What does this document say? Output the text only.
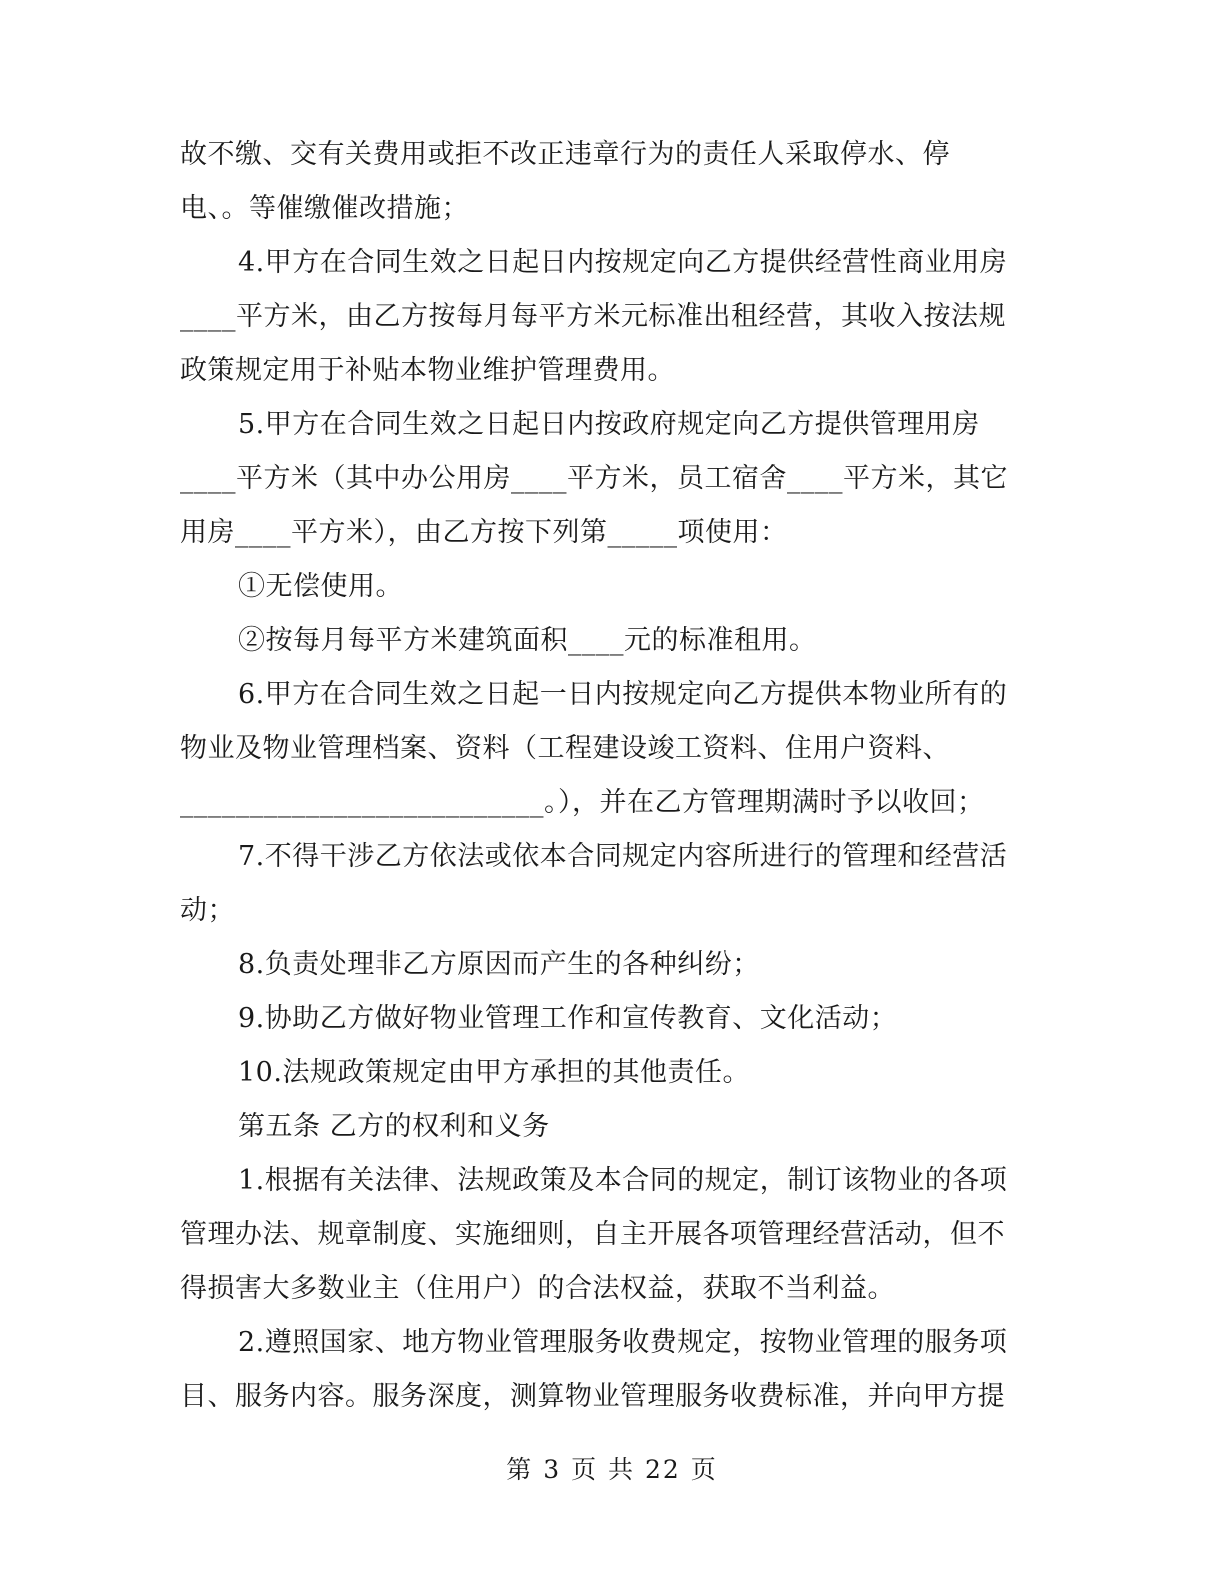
故不缴、交有关费用或拒不改正违章行为的责任人采取停水、停
电、。等催缴催改措施；
4.甲方在合同生效之日起日内按规定向乙方提供经营性商业用房
____平方米，由乙方按每月每平方米元标准出租经营，其收入按法规
政策规定用于补贴本物业维护管理费用。
5.甲方在合同生效之日起日内按政府规定向乙方提供管理用房
____平方米（其中办公用房____平方米，员工宿舍____平方米，其它
用房____平方米），由乙方按下列第_____项使用：
①无偿使用。
②按每月每平方米建筑面积____元的标准租用。
6.甲方在合同生效之日起一日内按规定向乙方提供本物业所有的
物业及物业管理档案、资料（工程建设竣工资料、住用户资料、
__________________________。），并在乙方管理期满时予以收回；
7.不得干涉乙方依法或依本合同规定内容所进行的管理和经营活
动；
8.负责处理非乙方原因而产生的各种纠纷；
9.协助乙方做好物业管理工作和宣传教育、文化活动；
10.法规政策规定由甲方承担的其他责任。
第五条 乙方的权利和义务
1.根据有关法律、法规政策及本合同的规定，制订该物业的各项
管理办法、规章制度、实施细则，自主开展各项管理经营活动，但不
得损害大多数业主（住用户）的合法权益，获取不当利益。
2.遵照国家、地方物业管理服务收费规定，按物业管理的服务项
目、服务内容。服务深度，测算物业管理服务收费标准，并向甲方提
第 3 页 共 22 页
